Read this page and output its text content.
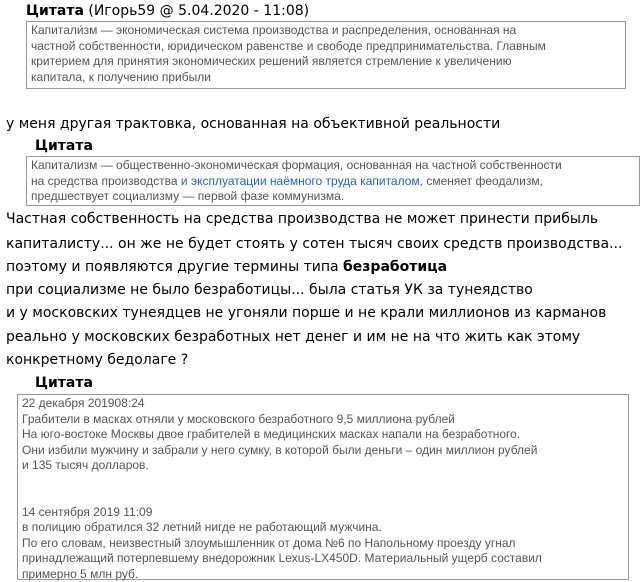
Цитата (Игорь59 @ 5.04.2020 - 11:08)

Капитали́зм — экономическая система производства и распределения, основанная на

частной собственности, юридическом равенстве и свободе предпринимательства. Главным

критерием для принятия экономических решений является стремление к увеличению

капитала, к получению прибыли

у меня другая трактовка, основанная на объективной реальности
Цитата

Капитализм — общественно-экономическая формация, основанная на частной собственности

на средства производства и эксплуатации наёмного труда капиталом, сменяет феодализм,

предшествует социализму — первой фазе коммунизма.

Частная собственность на средства производства не может принести прибыль
капиталисту... он же не будет стоять у сотен тысяч своих средств производства...
поэтому и появляются другие термины типа безработица
при социализме не было безработицы... была статья УК за тунеядство
и у московских тунеядцев не угоняли порше и не крали миллионов из карманов
реально у московских безработных нет денег и им не на что жить как этому
конкретному бедолаге ?
Цитата

22 декабря 201908:24

Грабители в масках отняли у московского безработного 9,5 миллиона рублей

На юго-востоке Москвы двое грабителей в медицинских масках напали на безработного.

Они избили мужчину и забрали у него сумку, в которой были деньги – один миллион рублей

и 135 тысяч долларов.

14 сентября 2019 11:09

в полицию обратился 32 летний нигде не работающий мужчина.

По его словам, неизвестный злоумышленник от дома №6 по Напольному проезду угнал

принадлежащий потерпевшему внедорожник Lexus-LX450D. Материальный ущерб составил

примерно 5 млн руб.
